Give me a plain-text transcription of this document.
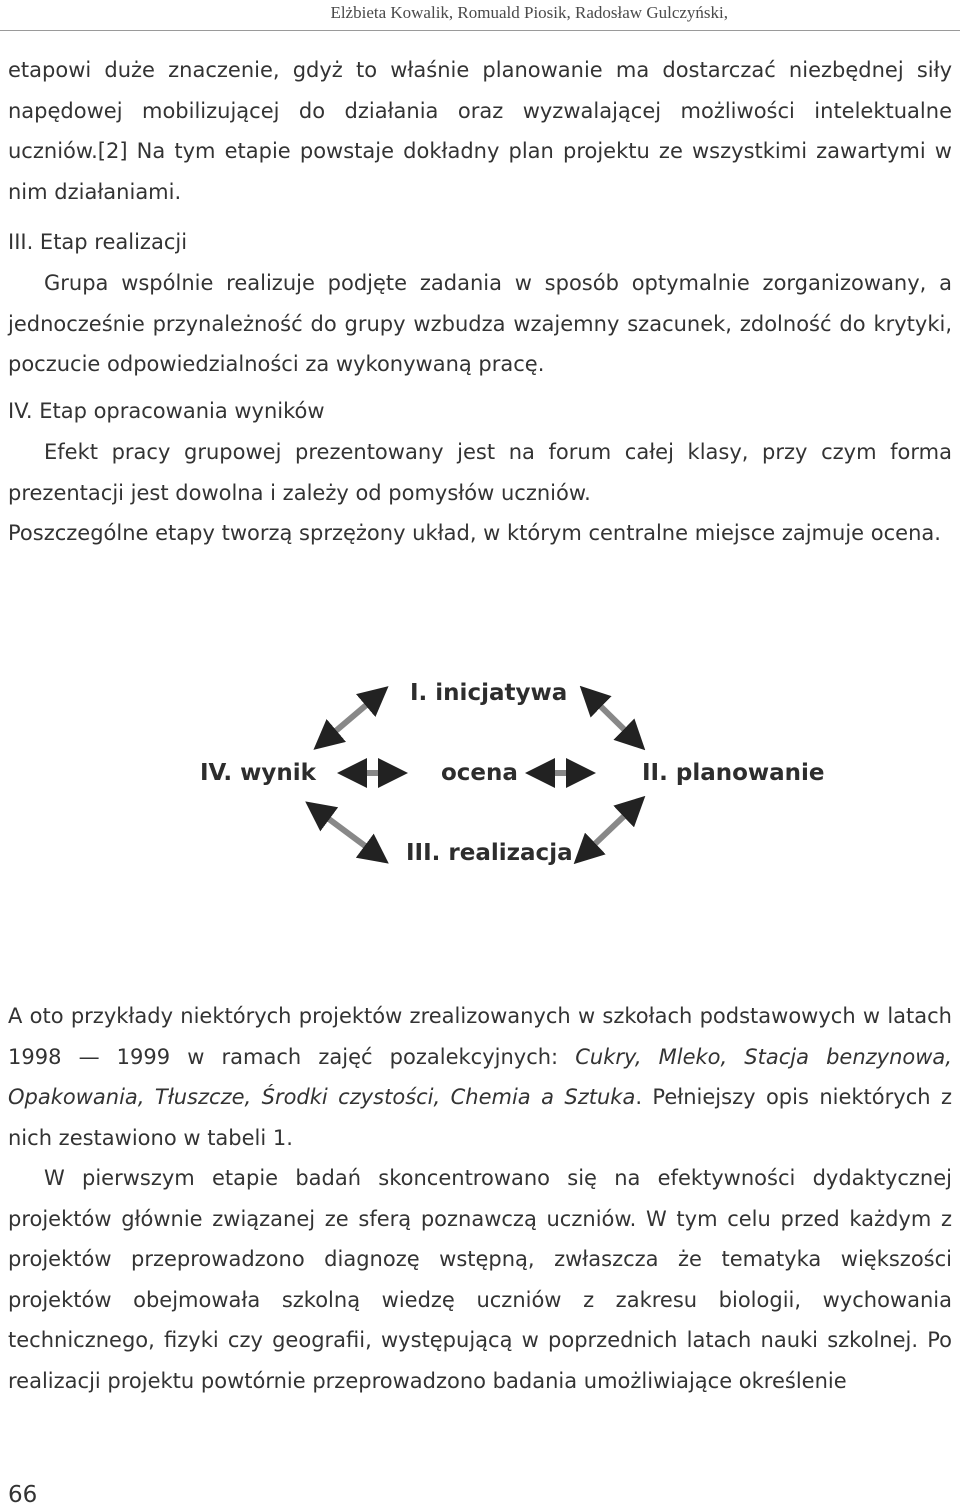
Elżbieta Kowalik, Romuald Piosik, Radosław Gulczyński,

etapowi duże znaczenie, gdyż to właśnie planowanie ma dostarczać niezbędnej siły napędowej mobilizującej do działania oraz wyzwalającej możliwości intelektualne uczniów.[2] Na tym etapie powstaje dokładny plan projektu ze wszystkimi zawartymi w nim działaniami.

III. Etap realizacji

Grupa wspólnie realizuje podjęte zadania w sposób optymalnie zorganizowany, a jednocześnie przynależność do grupy wzbudza wzajemny szacunek, zdolność do krytyki, poczucie odpowiedzialności za wykonywaną pracę.

IV. Etap opracowania wyników

Efekt pracy grupowej prezentowany jest na forum całej klasy, przy czym forma prezentacji jest dowolna i zależy od pomysłów uczniów.

Poszczególne etapy tworzą sprzężony układ, w którym centralne miejsce zajmuje ocena.

I. inicjatywa
IV. wynik	ocena	II. planowanie
III. realizacja

A oto przykłady niektórych projektów zrealizowanych w szkołach podstawowych w latach 1998 — 1999 w ramach zajęć pozalekcyjnych: Cukry, Mleko, Stacja benzynowa, Opakowania, Tłuszcze, Środki czystości, Chemia a Sztuka. Pełniejszy opis niektórych z nich zestawiono w tabeli 1.

W pierwszym etapie badań skoncentrowano się na efektywności dydaktycznej projektów głównie związanej ze sferą poznawczą uczniów. W tym celu przed każdym z projektów przeprowadzono diagnozę wstępną, zwłaszcza że tematyka większości projektów obejmowała szkolną wiedzę uczniów z zakresu biologii, wychowania technicznego, fizyki czy geografii, występującą w poprzednich latach nauki szkolnej. Po realizacji projektu powtórnie przeprowadzono badania umożliwiające określenie

66
